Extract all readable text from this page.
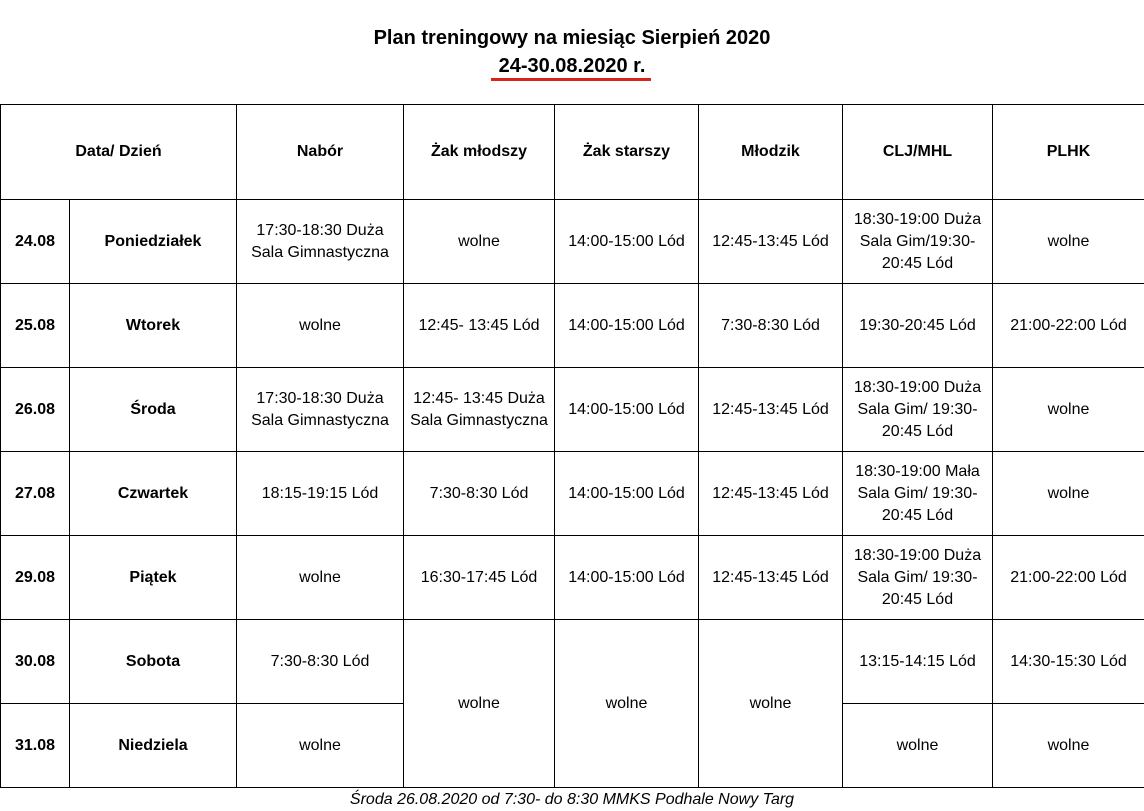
Plan treningowy na miesiąc Sierpień 2020
24-30.08.2020 r.
Data/ Dzień		Nabór	Żak młodszy	Żak starszy	Młodzik	CLJ/MHL	PLHK
24.08	Poniedziałek	17:30-18:30 Duża Sala Gimnastyczna	wolne	14:00-15:00 Lód	12:45-13:45 Lód	18:30-19:00 Duża Sala Gim/19:30-20:45 Lód	wolne
25.08	Wtorek	wolne	12:45- 13:45 Lód	14:00-15:00 Lód	7:30-8:30 Lód	19:30-20:45 Lód	21:00-22:00 Lód
26.08	Środa	17:30-18:30 Duża Sala Gimnastyczna	12:45- 13:45 Duża Sala Gimnastyczna	14:00-15:00 Lód	12:45-13:45 Lód	18:30-19:00 Duża Sala Gim/ 19:30-20:45 Lód	wolne
27.08	Czwartek	18:15-19:15 Lód	7:30-8:30 Lód	14:00-15:00 Lód	12:45-13:45 Lód	18:30-19:00 Mała Sala Gim/ 19:30-20:45 Lód	wolne
29.08	Piątek	wolne	16:30-17:45 Lód	14:00-15:00 Lód	12:45-13:45 Lód	18:30-19:00 Duża Sala Gim/ 19:30-20:45 Lód	21:00-22:00 Lód
30.08	Sobota	7:30-8:30 Lód	wolne	wolne	wolne	13:15-14:15 Lód	14:30-15:30 Lód
31.08	Niedziela	wolne				wolne	wolne
Środa 26.08.2020 od 7:30- do 8:30 MMKS Podhale Nowy Targ
